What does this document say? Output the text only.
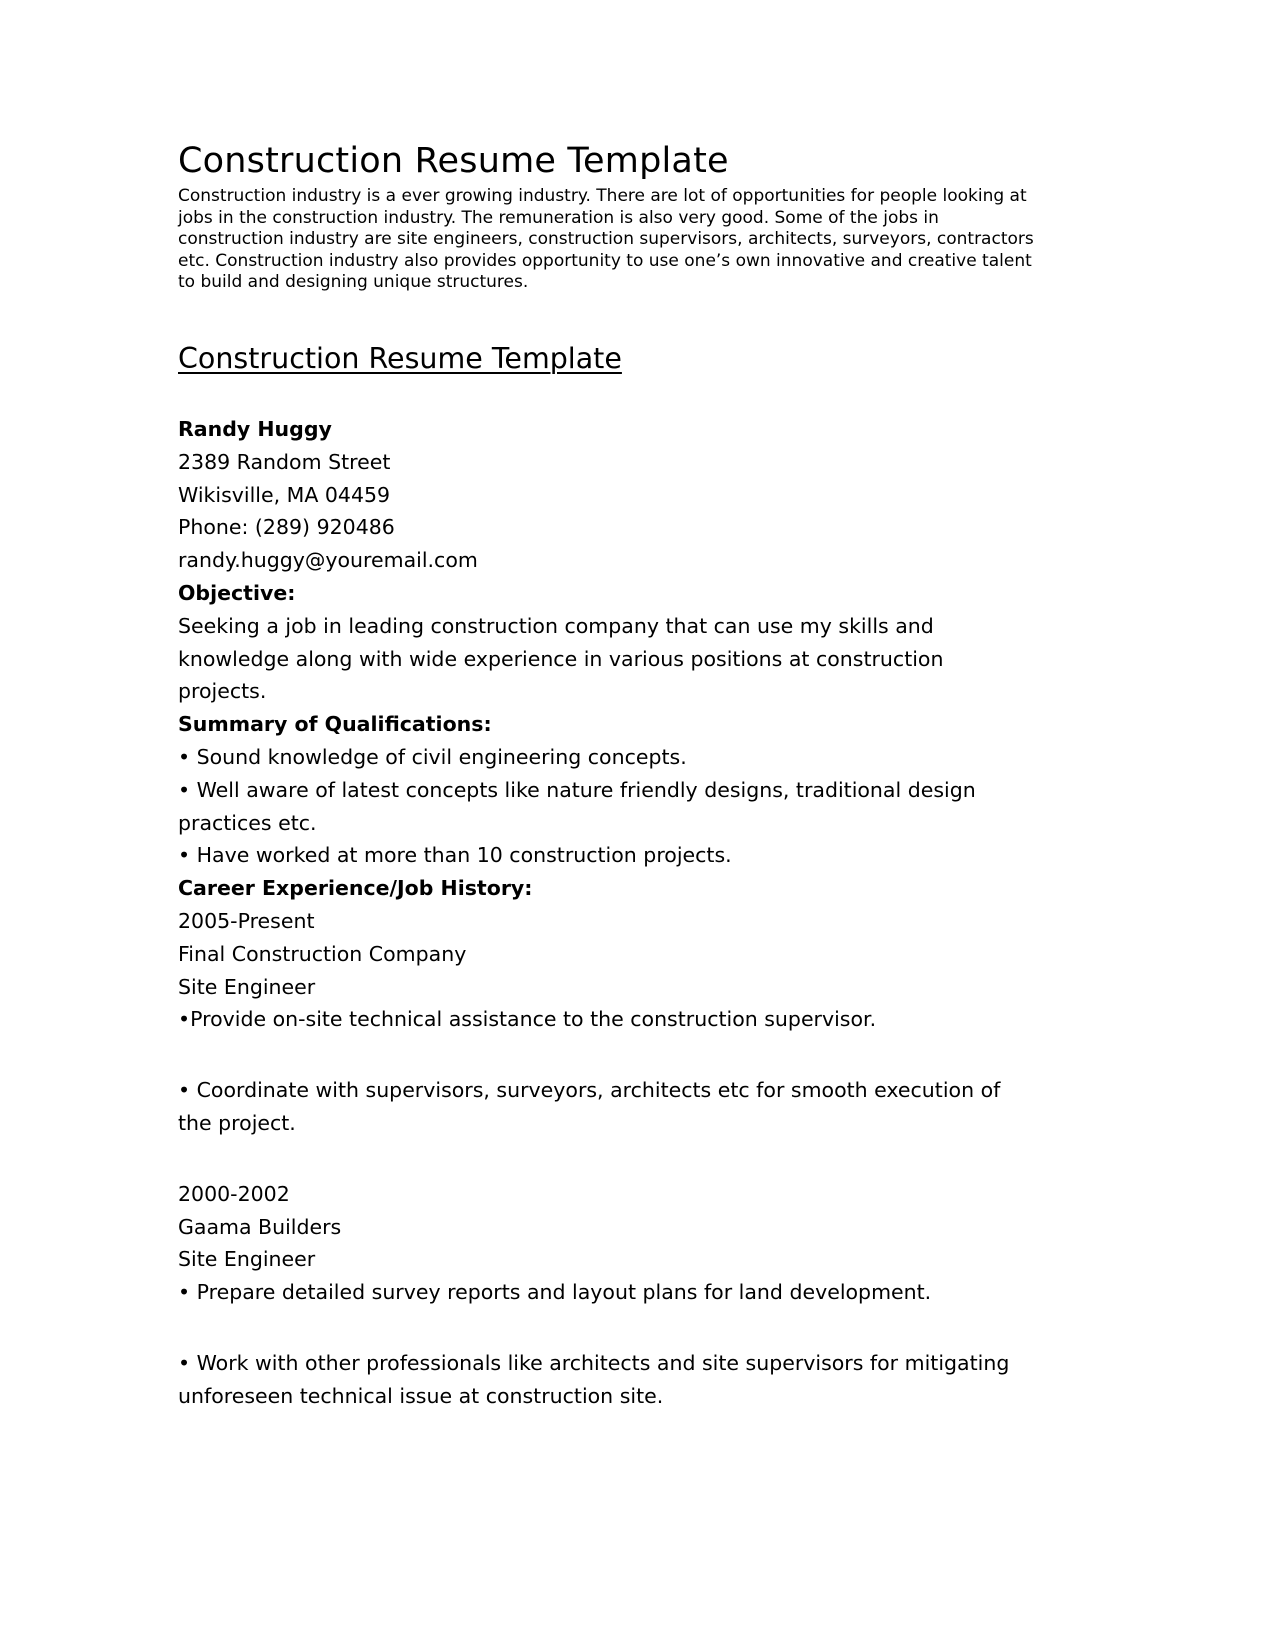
Construction Resume Template

Construction industry is a ever growing industry. There are lot of opportunities for people looking at jobs in the construction industry. The remuneration is also very good. Some of the jobs in construction industry are site engineers, construction supervisors, architects, surveyors, contractors etc. Construction industry also provides opportunity to use one’s own innovative and creative talent to build and designing unique structures.

Construction Resume Template
Randy Huggy
2389 Random Street
Wikisville, MA 04459
Phone: (289) 920486
randy.huggy@youremail.com
Objective:
Seeking a job in leading construction company that can use my skills and knowledge along with wide experience in various positions at construction projects.
Summary of Qualifications:
• Sound knowledge of civil engineering concepts.
• Well aware of latest concepts like nature friendly designs, traditional design practices etc.
• Have worked at more than 10 construction projects.
Career Experience/Job History:
2005-Present
Final Construction Company
Site Engineer
•Provide on-site technical assistance to the construction supervisor.
• Coordinate with supervisors, surveyors, architects etc for smooth execution of the project.
2000-2002
Gaama Builders
Site Engineer
• Prepare detailed survey reports and layout plans for land development.
• Work with other professionals like architects and site supervisors for mitigating unforeseen technical issue at construction site.
